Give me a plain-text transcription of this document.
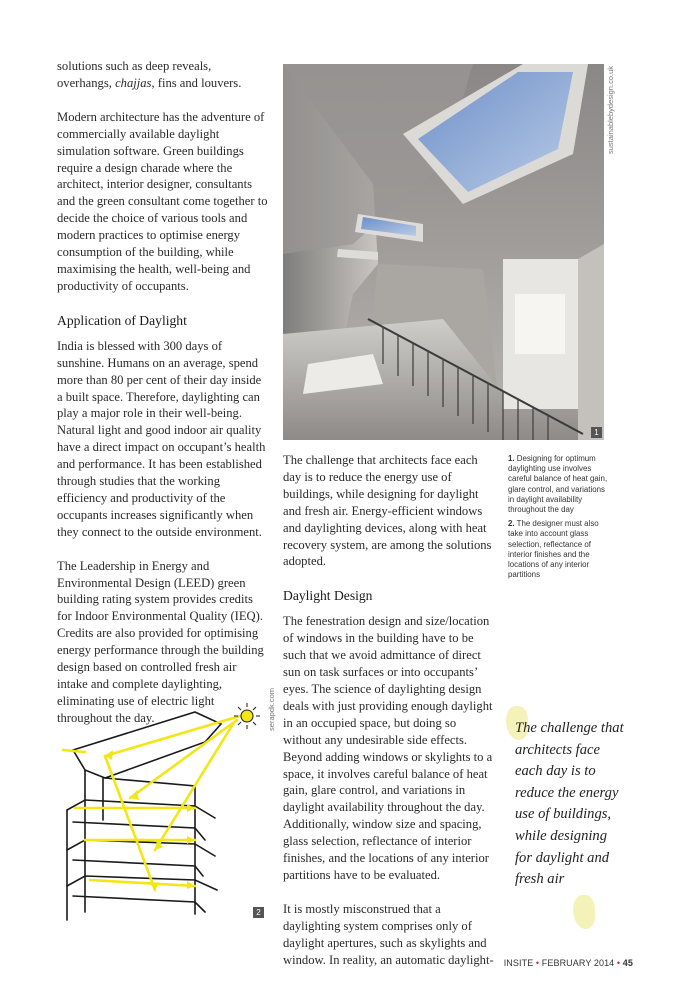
solutions such as deep reveals, overhangs, chajjas, fins and louvers.

Modern architecture has the adventure of commercially available daylight simulation software. Green buildings require a design charade where the architect, interior designer, consultants and the green consultant come together to decide the choice of various tools and modern practices to optimise energy consumption of the building, while maximising the health, well-being and productivity of occupants.

Application of Daylight

India is blessed with 300 days of sunshine. Humans on an average, spend more than 80 per cent of their day inside a built space. Therefore, daylighting can play a major role in their well-being. Natural light and good indoor air quality have a direct impact on occupant’s health and performance. It has been established through studies that the working efficiency and productivity of the occupants increases significantly when they connect to the outside environment.

The Leadership in Energy and Environmental Design (LEED) green building rating system provides credits for Indoor Environmental Quality (IEQ). Credits are also provided for optimising energy performance through the building design based on controlled fresh air intake and complete daylighting, eliminating use of electric light throughout the day.

1
sustainablebydesign.co.uk

1. Designing for optimum daylighting use involves careful balance of heat gain, glare control, and variations in daylight availability throughout the day

2. The designer must also take into account glass selection, reflectance of interior finishes and the locations of any interior partitions

The challenge that architects face each day is to reduce the energy use of buildings, while designing for daylight and fresh air. Energy-efficient windows and daylighting devices, along with heat recovery system, are among the solutions adopted.

Daylight Design

The fenestration design and size/location of windows in the building have to be such that we avoid admittance of direct sun on task surfaces or into occupants’ eyes. The science of daylighting design deals with just providing enough daylight in an occupied space, but doing so without any undesirable side effects. Beyond adding windows or skylights to a space, it involves careful balance of heat gain, glare control, and variations in daylight availability throughout the day. Additionally, window size and spacing, glass selection, reflectance of interior finishes, and the locations of any interior partitions have to be evaluated.

It is mostly misconstrued that a daylighting system comprises only of daylight apertures, such as skylights and window. In reality, an automatic daylight-

The challenge that architects face each day is to reduce the energy use of buildings, while designing for daylight and fresh air
2
serapdk.com
INSITE • FEBRUARY 2014 • 45
